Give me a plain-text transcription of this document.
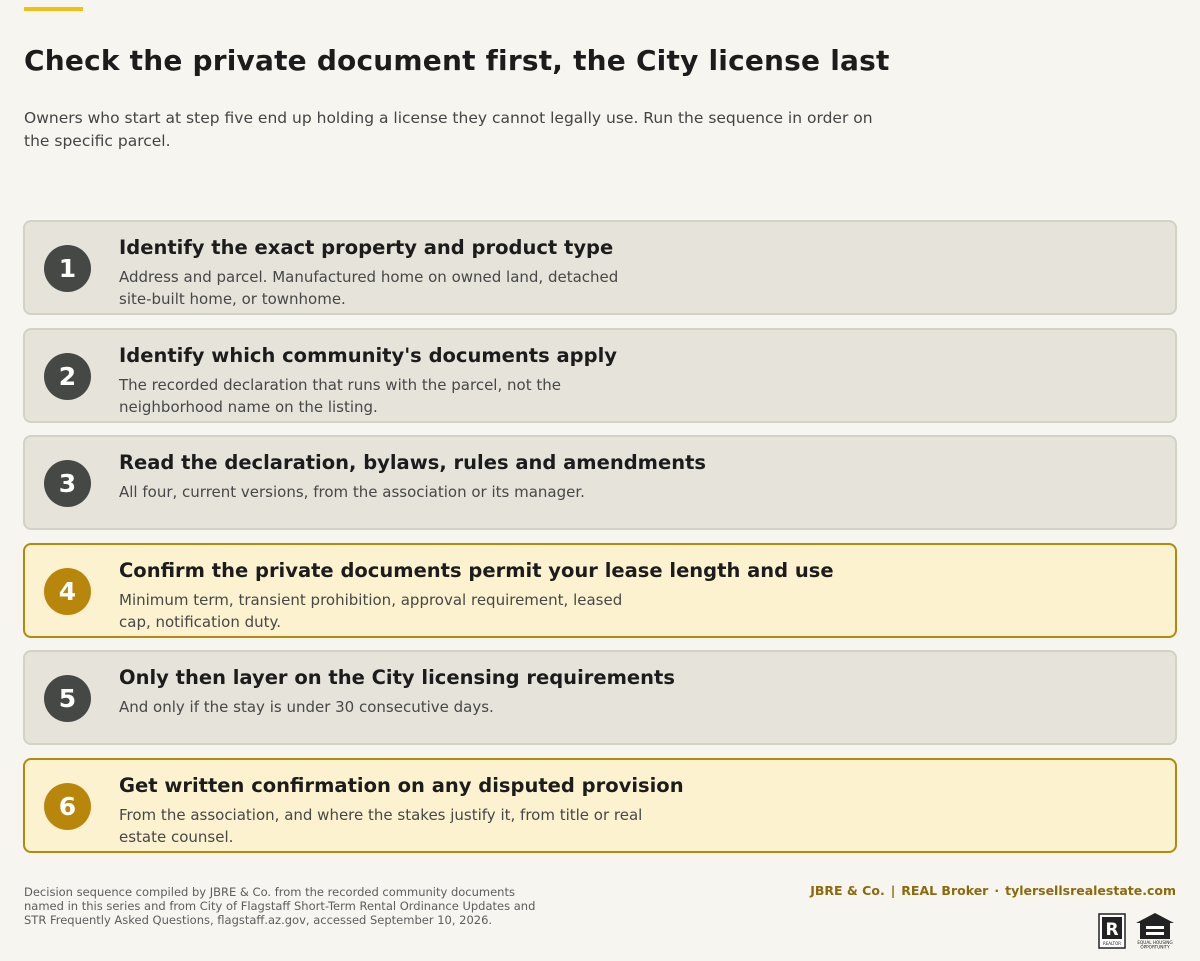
Check the private document first, the City license last

Owners who start at step five end up holding a license they cannot legally use. Run the sequence in order on the specific parcel.

1
Identify the exact property and product type
Address and parcel. Manufactured home on owned land, detached site-built home, or townhome.
2
Identify which community's documents apply
The recorded declaration that runs with the parcel, not the neighborhood name on the listing.
3
Read the declaration, bylaws, rules and amendments
All four, current versions, from the association or its manager.
4
Confirm the private documents permit your lease length and use
Minimum term, transient prohibition, approval requirement, leased cap, notification duty.
5
Only then layer on the City licensing requirements
And only if the stay is under 30 consecutive days.
6
Get written confirmation on any disputed provision
From the association, and where the stakes justify it, from title or real estate counsel.

Decision sequence compiled by JBRE & Co. from the recorded community documents named in this series and from City of Flagstaff Short-Term Rental Ordinance Updates and STR Frequently Asked Questions, flagstaff.az.gov, accessed September 10, 2026.

JBRE & Co. | REAL Broker · tylersellsrealestate.com
R
REALTOR	EQUAL HOUSING
OPPORTUNITY
